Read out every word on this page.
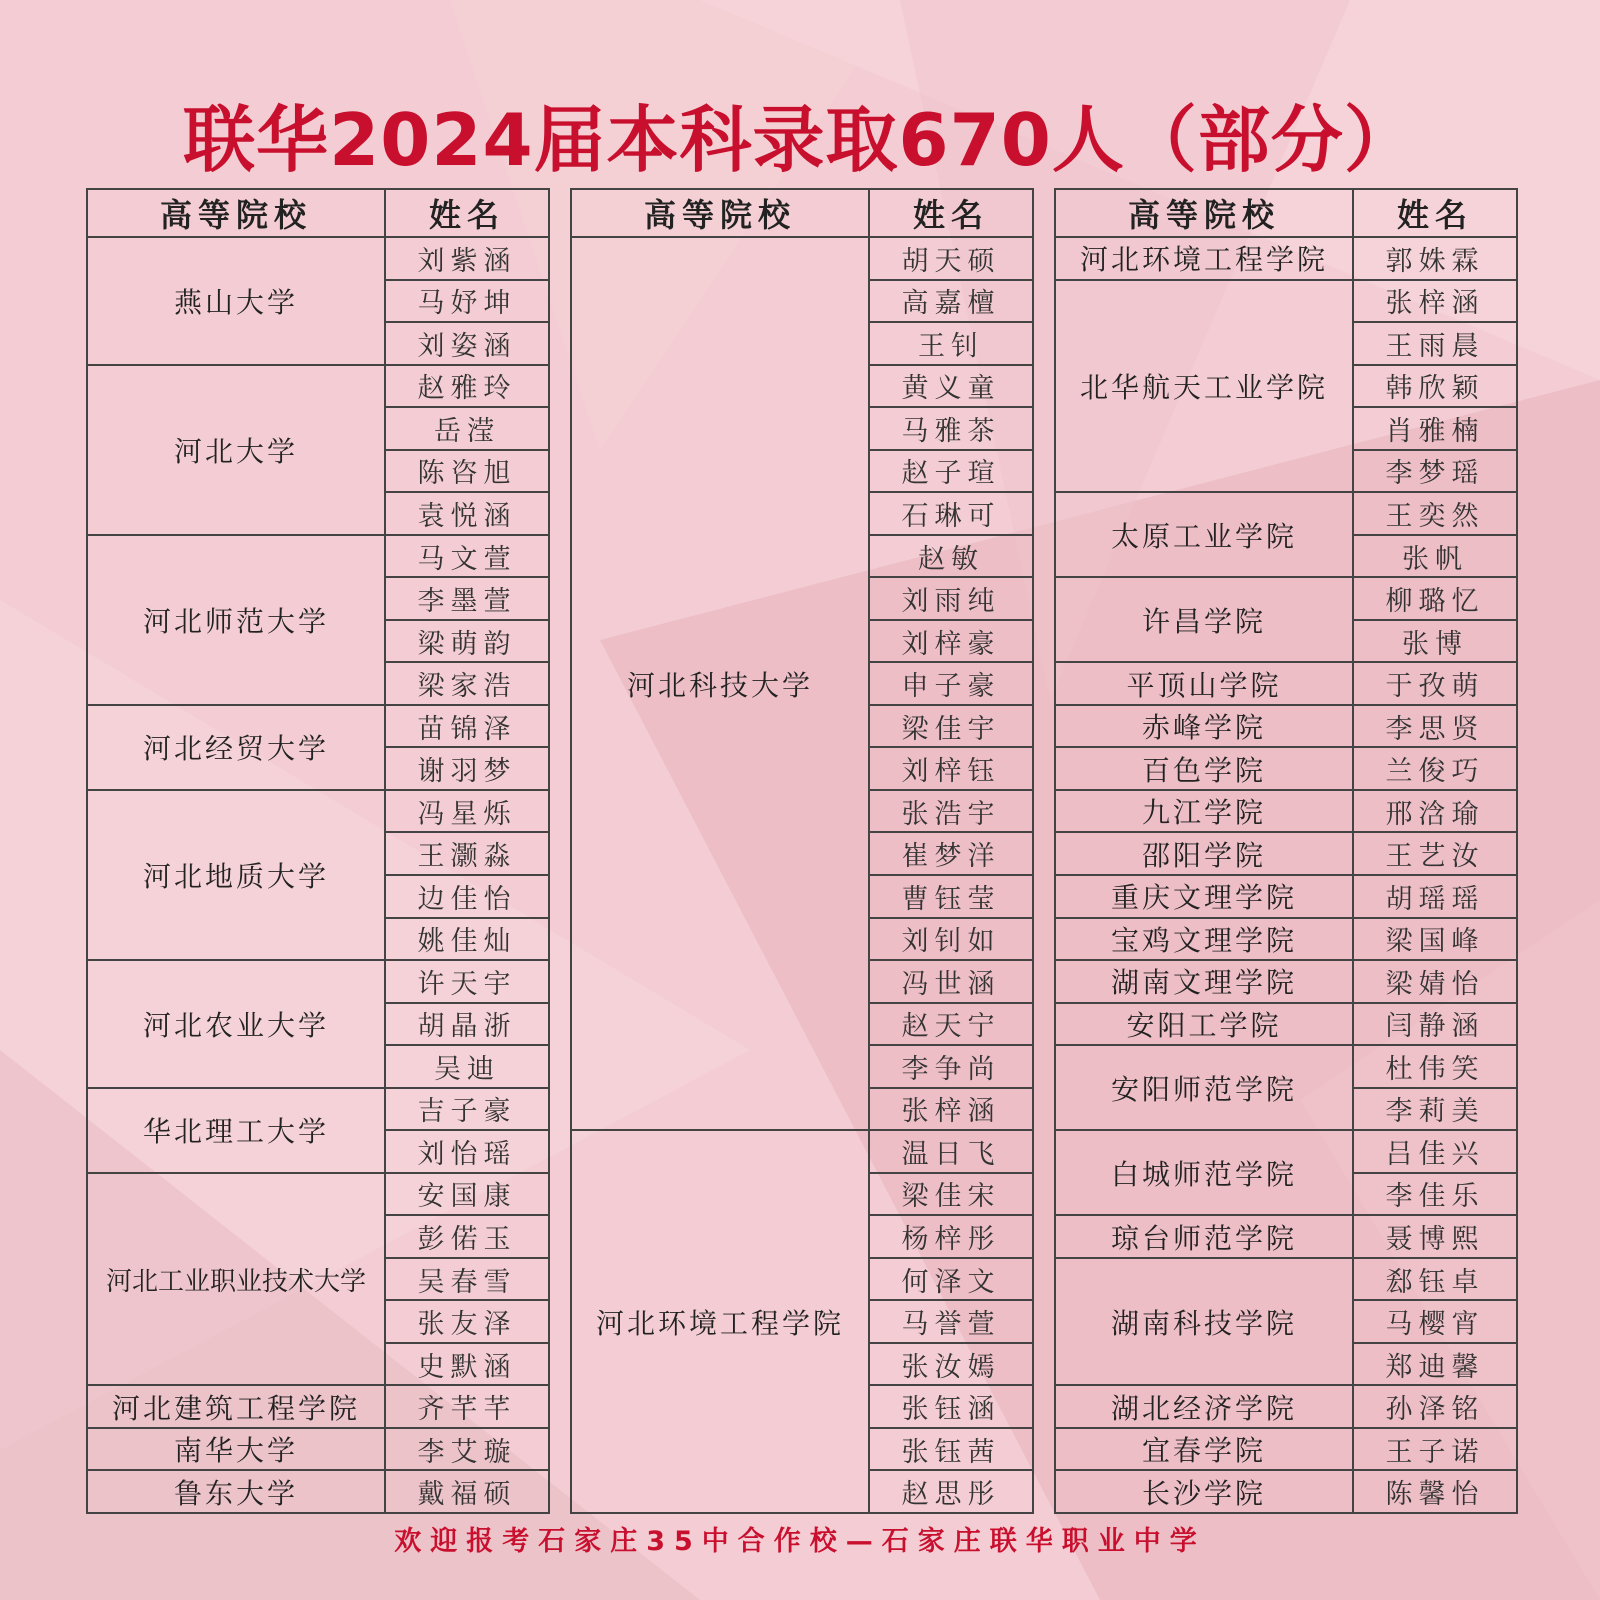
联华2024届本科录取670人（部分）
高等院校	姓名
燕山大学	刘紫涵
	马妤坤
	刘姿涵
河北大学	赵雅玲
	岳滢
	陈咨旭
	袁悦涵
河北师范大学	马文萱
	李墨萱
	梁萌韵
	梁家浩
河北经贸大学	苗锦泽
	谢羽梦
河北地质大学	冯星烁
	王灏淼
	边佳怡
	姚佳灿
河北农业大学	许天宇
	胡晶浙
	吴迪
华北理工大学	吉子豪
	刘怡瑶
河北工业职业技术大学	安国康
	彭偌玉
	吴春雪
	张友泽
	史默涵
河北建筑工程学院	齐芊芊
南华大学	李艾璇
鲁东大学	戴福硕
高等院校	姓名
河北科技大学	胡天硕
	高嘉檀
	王钊
	黄义童
	马雅茶
	赵子瑄
	石琳可
	赵敏
	刘雨纯
	刘梓豪
	申子豪
	梁佳宇
	刘梓钰
	张浩宇
	崔梦洋
	曹钰莹
	刘钊如
	冯世涵
	赵天宁
	李争尚
	张梓涵
河北环境工程学院	温日飞
	梁佳宋
	杨梓彤
	何泽文
	马誉萱
	张汝嫣
	张钰涵
	张钰茜
	赵思彤
高等院校	姓名
河北环境工程学院	郭姝霖
北华航天工业学院	张梓涵
	王雨晨
	韩欣颖
	肖雅楠
	李梦瑶
太原工业学院	王奕然
	张帆
许昌学院	柳璐忆
	张博
平顶山学院	于孜萌
赤峰学院	李思贤
百色学院	兰俊巧
九江学院	邢浛瑜
邵阳学院	王艺汝
重庆文理学院	胡瑶瑶
宝鸡文理学院	梁国峰
湖南文理学院	梁婧怡
安阳工学院	闫静涵
安阳师范学院	杜伟笑
	李莉美
白城师范学院	吕佳兴
	李佳乐
琼台师范学院	聂博熙
湖南科技学院	郄钰卓
	马樱宵
	郑迪馨
湖北经济学院	孙泽铭
宜春学院	王子诺
长沙学院	陈馨怡

欢迎报考石家庄35中合作校—石家庄联华职业中学
